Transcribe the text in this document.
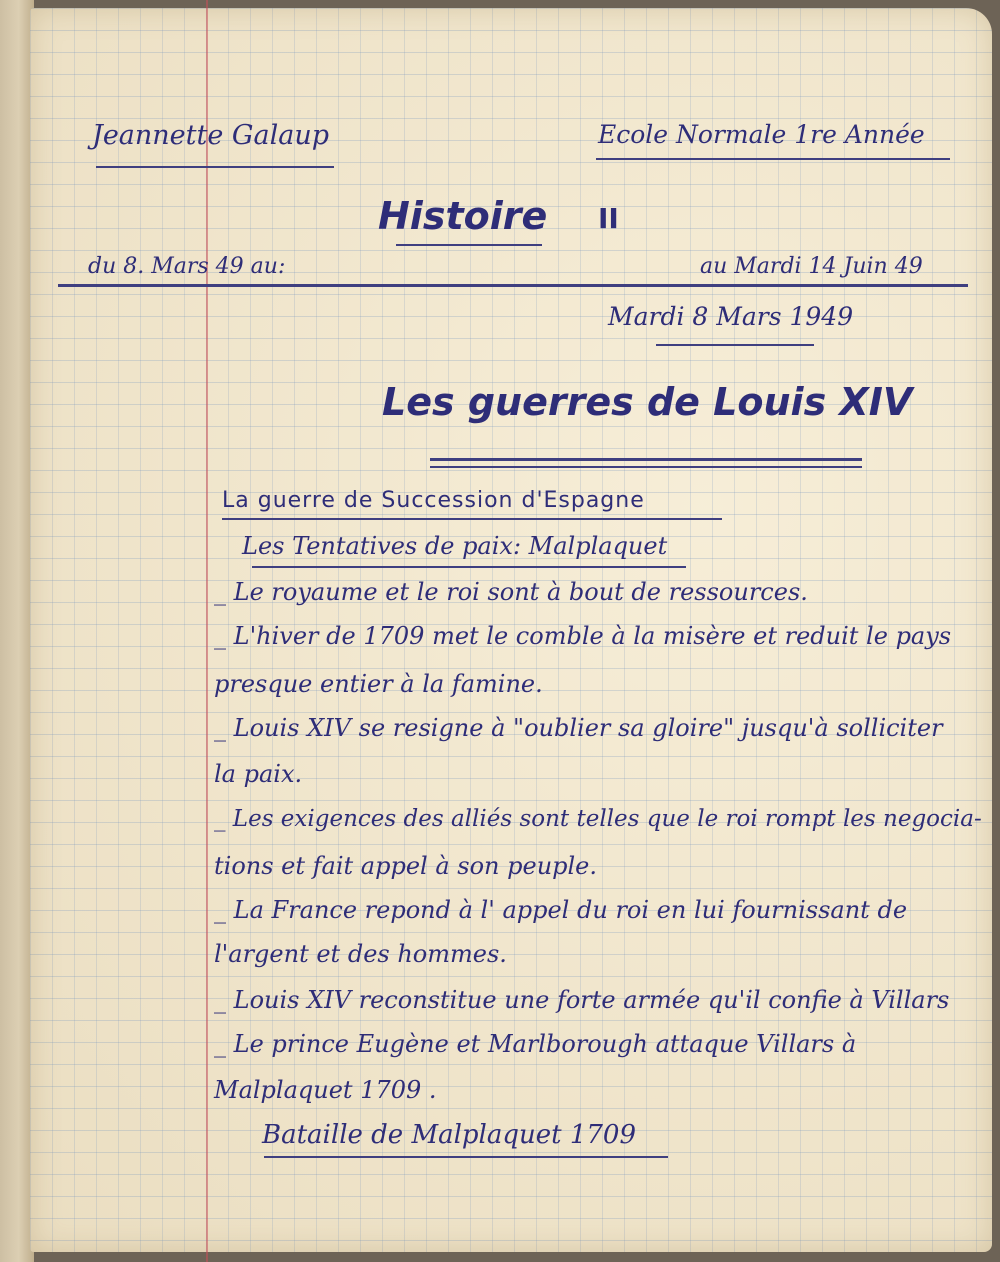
Jeannette Galaup	Ecole Normale 1re Année
Histoire II
du 8. Mars 49 au:	au Mardi 14 Juin 49
Mardi 8 Mars 1949
Les guerres de Louis XIV
La guerre de Succession d'Espagne
Les Tentatives de paix: Malplaquet
_ Le royaume et le roi sont à bout de ressources.
_ L'hiver de 1709 met le comble à la misère et reduit le pays
presque entier à la famine.
_ Louis XIV se resigne à "oublier sa gloire" jusqu'à solliciter
la paix.
_ Les exigences des alliés sont telles que le roi rompt les negocia-
tions et fait appel à son peuple.
_ La France repond à l' appel du roi en lui fournissant de
l'argent et des hommes.
_ Louis XIV reconstitue une forte armée qu'il confie à Villars
_ Le prince Eugène et Marlborough attaque Villars à
Malplaquet 1709 .
Bataille de Malplaquet 1709
